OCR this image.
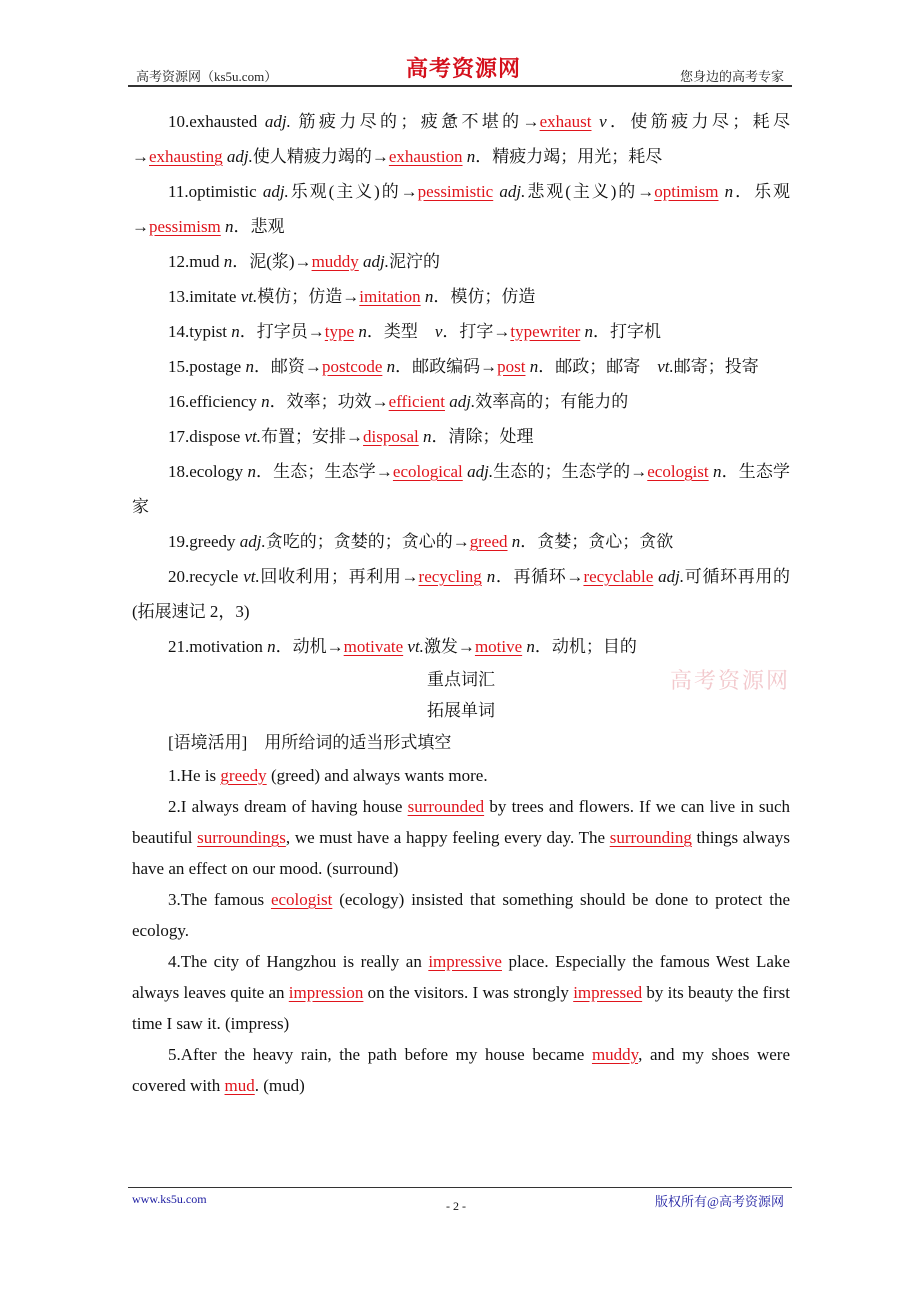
高考资源网（ks5u.com）	高考资源网	您身边的高考专家

10.exhausted adj. 筋疲力尽的；疲惫不堪的→exhaust v．使筋疲力尽；耗尽→exhausting adj.使人精疲力竭的→exhaustion n．精疲力竭；用光；耗尽

11.optimistic adj.乐观(主义)的→pessimistic adj.悲观(主义)的→optimism n．乐观→pessimism n．悲观

12.mud n．泥(浆)→muddy adj.泥泞的

13.imitate vt.模仿；仿造→imitation n．模仿；仿造

14.typist n．打字员→type n．类型　v．打字→typewriter n．打字机

15.postage n．邮资→postcode n．邮政编码→post n．邮政；邮寄　vt.邮寄；投寄

16.efficiency n．效率；功效→efficient adj.效率高的；有能力的

17.dispose vt.布置；安排→disposal n．清除；处理

18.ecology n．生态；生态学→ecological adj.生态的；生态学的→ecologist n．生态学家

19.greedy adj.贪吃的；贪婪的；贪心的→greed n．贪婪；贪心；贪欲

20.recycle vt.回收利用；再利用→recycling n．再循环→recyclable adj.可循环再用的(拓展速记 2，3)

21.motivation n．动机→motivate vt.激发→motive n．动机；目的

重点词汇

拓展单词

高考资源网

[语境活用]　用所给词的适当形式填空

1.He is greedy (greed) and always wants more.

2.I always dream of having house surrounded by trees and flowers. If we can live in such beautiful surroundings, we must have a happy feeling every day. The surrounding things always have an effect on our mood. (surround)

3.The famous ecologist (ecology) insisted that something should be done to protect the ecology.

4.The city of Hangzhou is really an impressive place. Especially the famous West Lake always leaves quite an impression on the visitors. I was strongly impressed by its beauty the first time I saw it. (impress)

5.After the heavy rain, the path before my house became muddy, and my shoes were covered with mud. (mud)

www.ks5u.com	- 2 -	版权所有@高考资源网
